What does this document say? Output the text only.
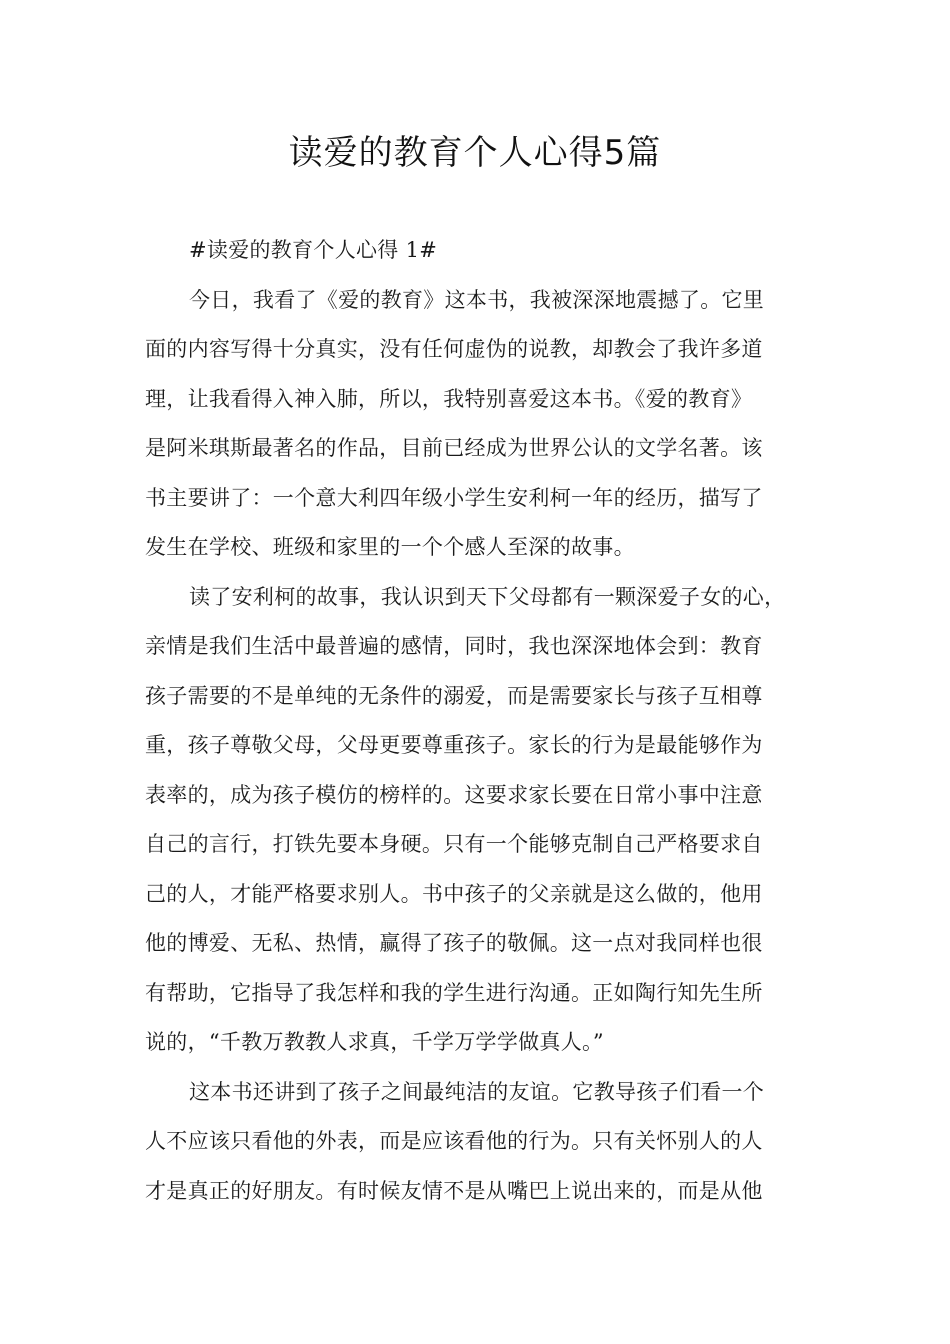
读爱的教育个人心得5篇
#读爱的教育个人心得 1#
今日，我看了《爱的教育》这本书，我被深深地震撼了。它里
面的内容写得十分真实，没有任何虚伪的说教，却教会了我许多道
理，让我看得入神入肺，所以，我特别喜爱这本书。《爱的教育》
是阿米琪斯最著名的作品，目前已经成为世界公认的文学名著。该
书主要讲了：一个意大利四年级小学生安利柯一年的经历，描写了
发生在学校、班级和家里的一个个感人至深的故事。
读了安利柯的故事，我认识到天下父母都有一颗深爱子女的心，
亲情是我们生活中最普遍的感情，同时，我也深深地体会到：教育
孩子需要的不是单纯的无条件的溺爱，而是需要家长与孩子互相尊
重，孩子尊敬父母，父母更要尊重孩子。家长的行为是最能够作为
表率的，成为孩子模仿的榜样的。这要求家长要在日常小事中注意
自己的言行，打铁先要本身硬。只有一个能够克制自己严格要求自
己的人，才能严格要求别人。书中孩子的父亲就是这么做的，他用
他的博爱、无私、热情，赢得了孩子的敬佩。这一点对我同样也很
有帮助，它指导了我怎样和我的学生进行沟通。正如陶行知先生所
说的，“千教万教教人求真，千学万学学做真人。”
这本书还讲到了孩子之间最纯洁的友谊。它教导孩子们看一个
人不应该只看他的外表，而是应该看他的行为。只有关怀别人的人
才是真正的好朋友。有时候友情不是从嘴巴上说出来的，而是从他
